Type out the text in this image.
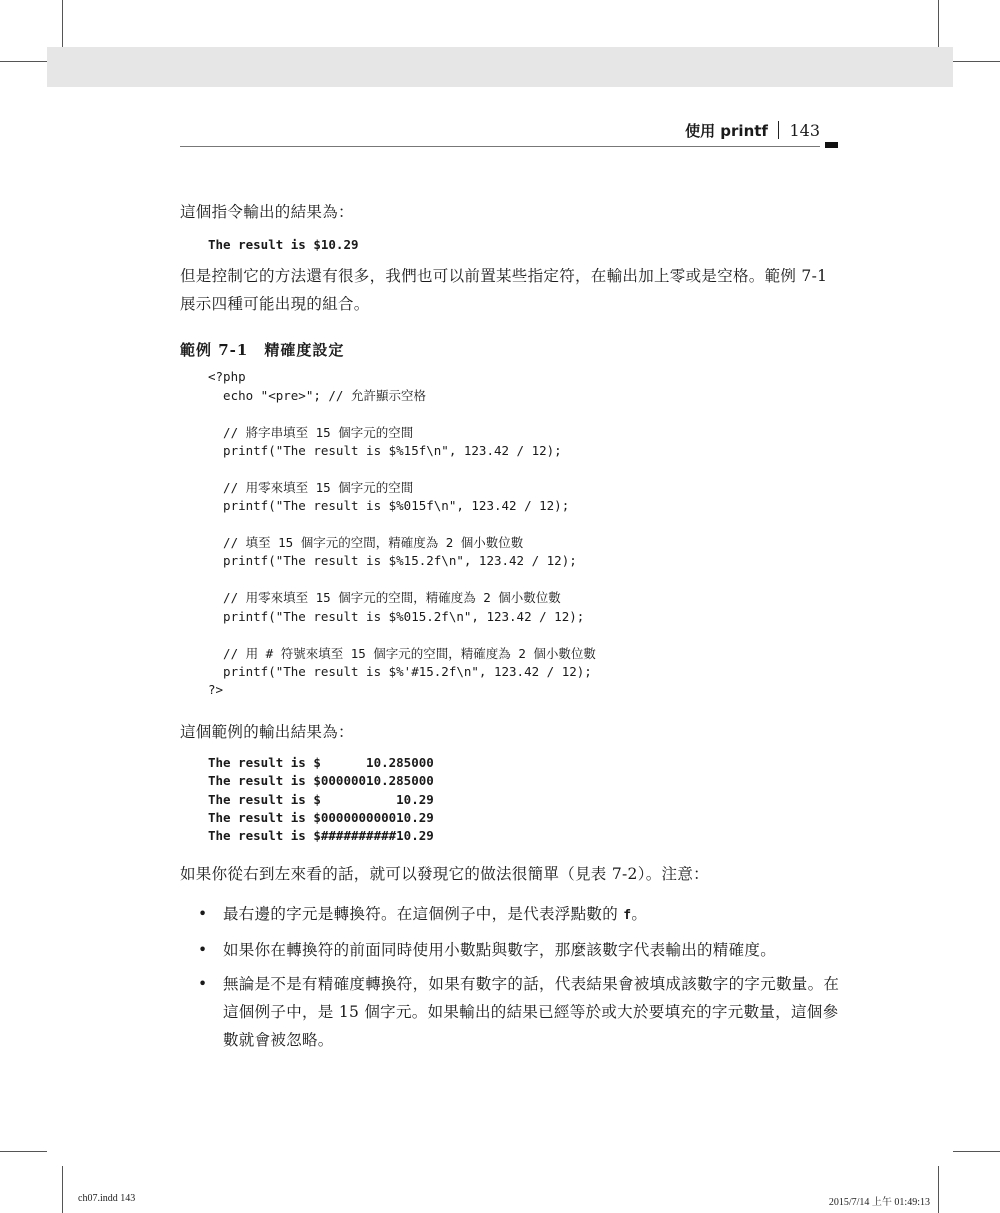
使用 printf 143

這個指令輸出的結果為：

The result is $10.29

但是控制它的方法還有很多，我們也可以前置某些指定符，在輸出加上零或是空格。範例 7-1 展示四種可能出現的組合。

範例 7-1 精確度設定

<?php
echo "<pre>"; // 允許顯示空格

// 將字串填至 15 個字元的空間
printf("The result is $%15f\n", 123.42 / 12);

// 用零來填至 15 個字元的空間
printf("The result is $%015f\n", 123.42 / 12);

// 填至 15 個字元的空間，精確度為 2 個小數位數
printf("The result is $%15.2f\n", 123.42 / 12);

// 用零來填至 15 個字元的空間，精確度為 2 個小數位數
printf("The result is $%015.2f\n", 123.42 / 12);

// 用 # 符號來填至 15 個字元的空間，精確度為 2 個小數位數
printf("The result is $%'#15.2f\n", 123.42 / 12);
?>

這個範例的輸出結果為：

The result is $      10.285000
The result is $00000010.285000
The result is $          10.29
The result is $000000000010.29
The result is $##########10.29

如果你從右到左來看的話，就可以發現它的做法很簡單（見表 7-2）。注意：

• 最右邊的字元是轉換符。在這個例子中，是代表浮點數的 f。
• 如果你在轉換符的前面同時使用小數點與數字，那麼該數字代表輸出的精確度。
• 無論是不是有精確度轉換符，如果有數字的話，代表結果會被填成該數字的字元數量。在這個例子中，是 15 個字元。如果輸出的結果已經等於或大於要填充的字元數量，這個參數就會被忽略。
ch07.indd 143	2015/7/14 上午 01:49:13
